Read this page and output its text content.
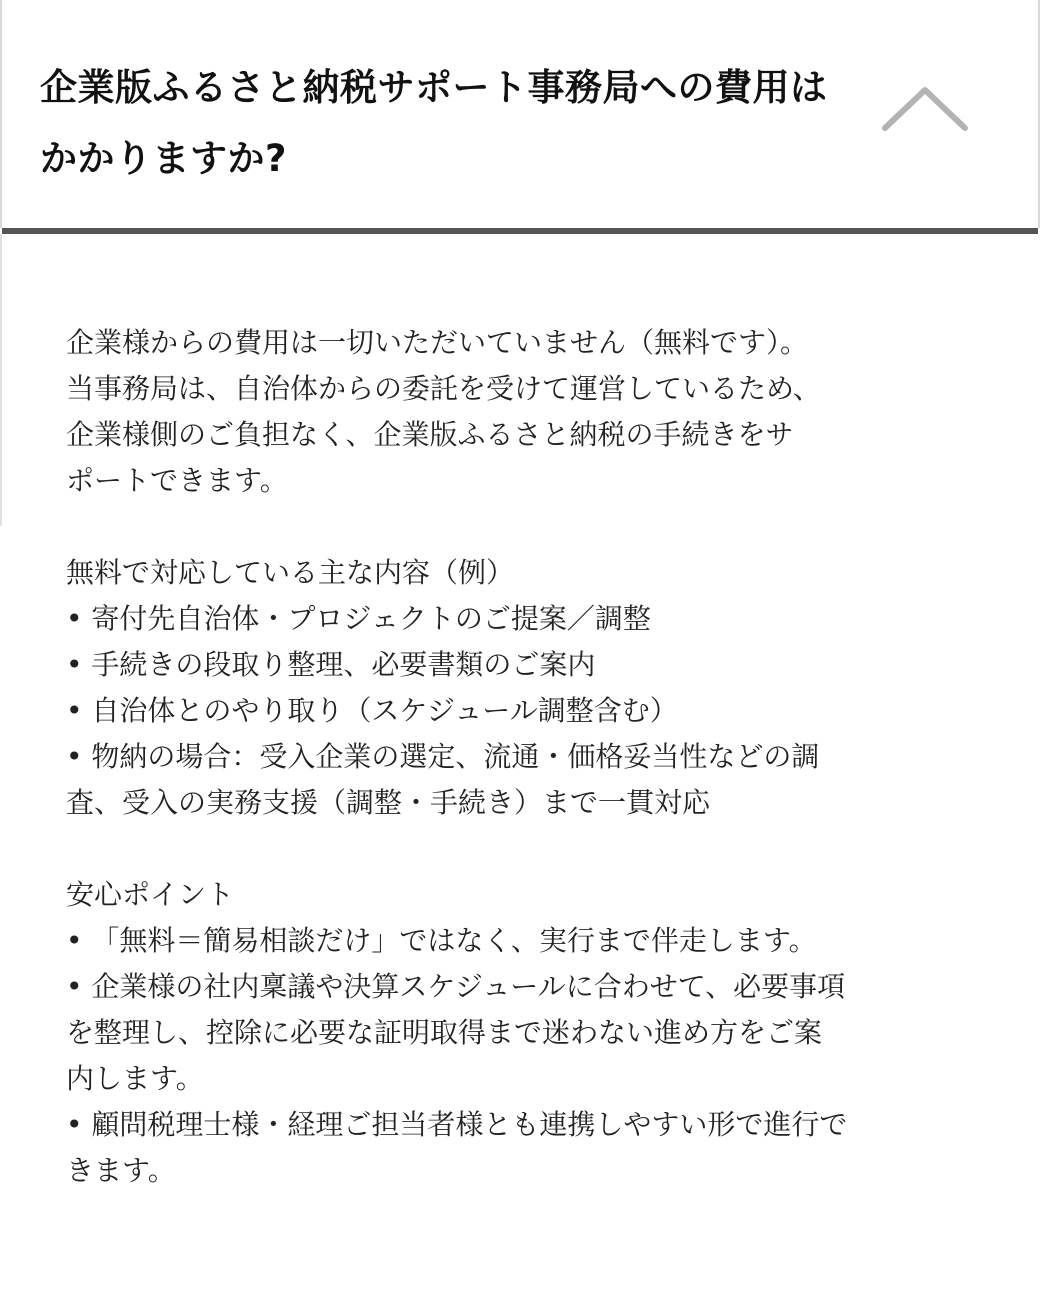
企業版ふるさと納税サポート事務局への費用はかかりますか?

企業様からの費用は一切いただいていません（無料です）。
当事務局は、自治体からの委託を受けて運営しているため、
企業様側のご負担なく、企業版ふるさと納税の手続きをサ
ポートできます。

無料で対応している主な内容（例）
• 寄付先自治体・プロジェクトのご提案／調整
• 手続きの段取り整理、必要書類のご案内
• 自治体とのやり取り（スケジュール調整含む）
• 物納の場合：受入企業の選定、流通・価格妥当性などの調
査、受入の実務支援（調整・手続き）まで一貫対応

安心ポイント
• 「無料＝簡易相談だけ」ではなく、実行まで伴走します。
• 企業様の社内稟議や決算スケジュールに合わせて、必要事項
を整理し、控除に必要な証明取得まで迷わない進め方をご案
内します。
• 顧問税理士様・経理ご担当者様とも連携しやすい形で進行で
きます。
